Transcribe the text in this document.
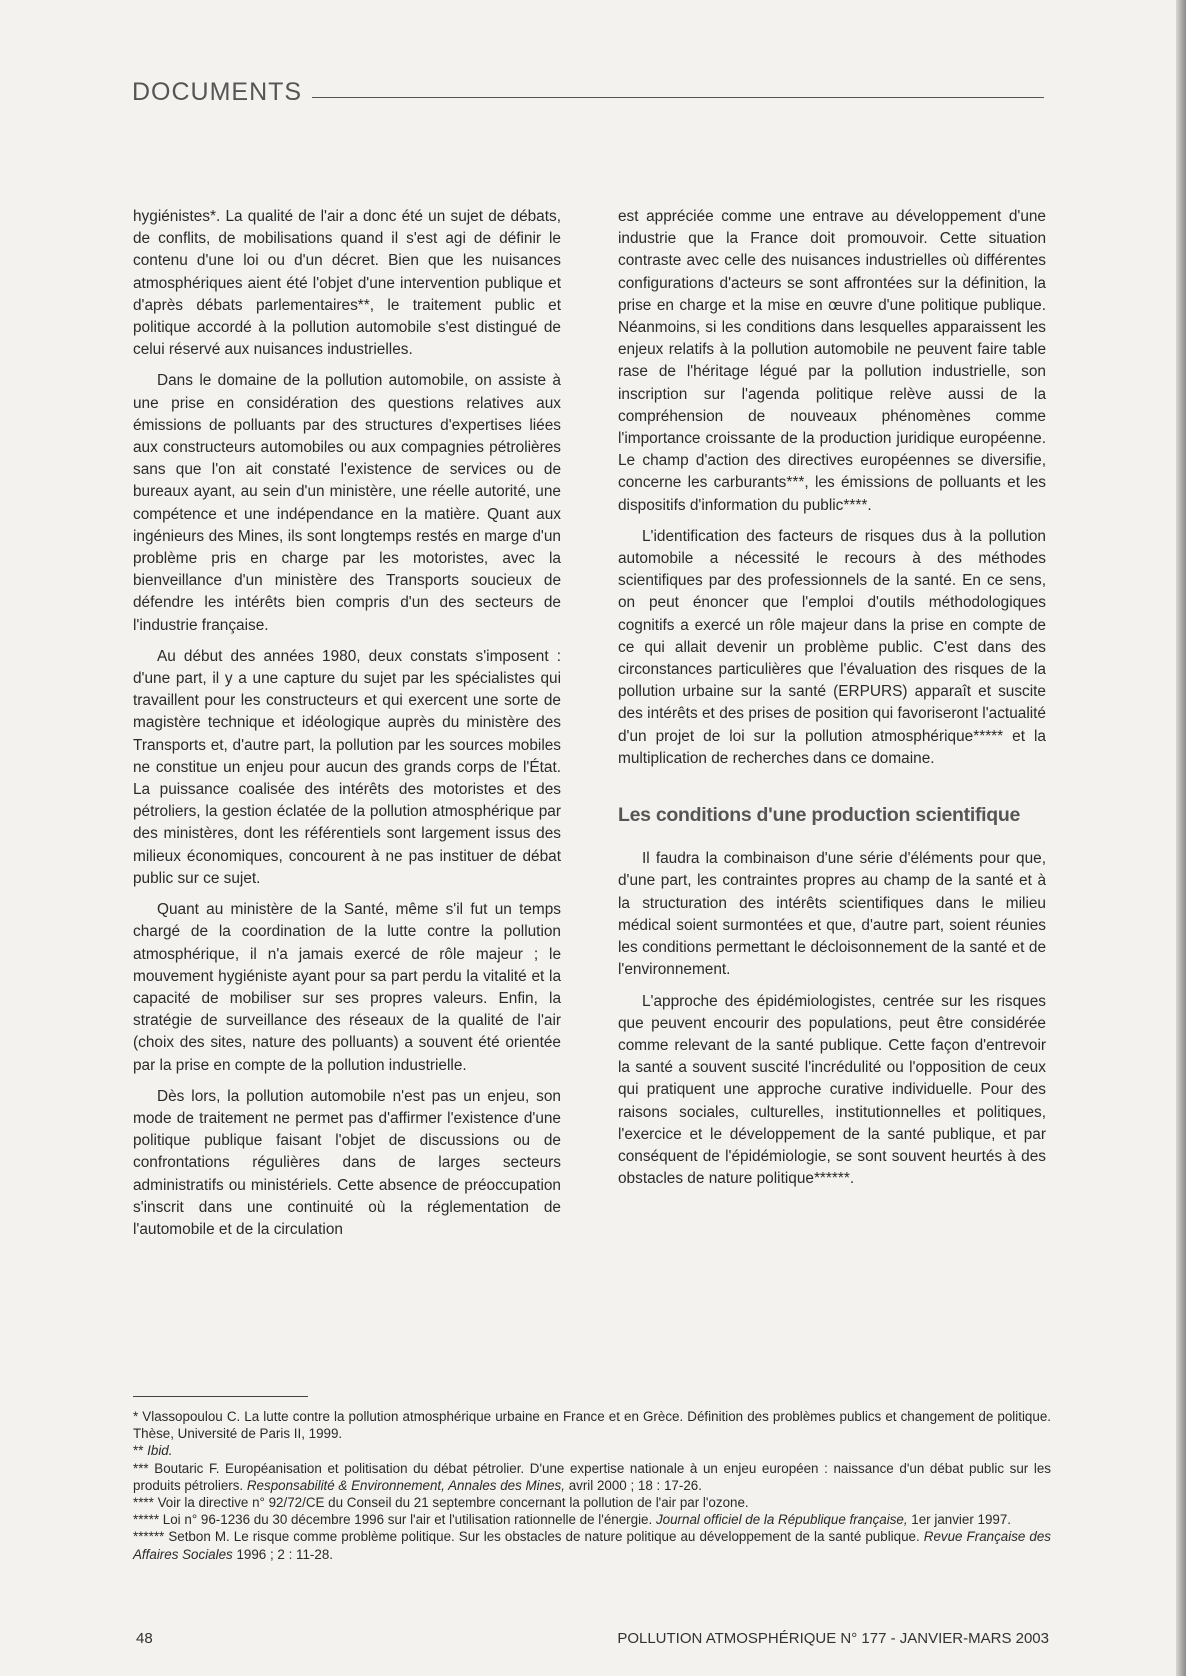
DOCUMENTS

hygiénistes*. La qualité de l'air a donc été un sujet de débats, de conflits, de mobilisations quand il s'est agi de définir le contenu d'une loi ou d'un décret. Bien que les nuisances atmosphériques aient été l'objet d'une intervention publique et d'après débats parlementaires**, le traitement public et politique accordé à la pollution automobile s'est distingué de celui réservé aux nuisances industrielles.

Dans le domaine de la pollution automobile, on assiste à une prise en considération des questions relatives aux émissions de polluants par des structures d'expertises liées aux constructeurs automobiles ou aux compagnies pétrolières sans que l'on ait constaté l'existence de services ou de bureaux ayant, au sein d'un ministère, une réelle autorité, une compétence et une indépendance en la matière. Quant aux ingénieurs des Mines, ils sont longtemps restés en marge d'un problème pris en charge par les motoristes, avec la bienveillance d'un ministère des Transports soucieux de défendre les intérêts bien compris d'un des secteurs de l'industrie française.

Au début des années 1980, deux constats s'imposent : d'une part, il y a une capture du sujet par les spécialistes qui travaillent pour les constructeurs et qui exercent une sorte de magistère technique et idéologique auprès du ministère des Transports et, d'autre part, la pollution par les sources mobiles ne constitue un enjeu pour aucun des grands corps de l'État. La puissance coalisée des intérêts des motoristes et des pétroliers, la gestion éclatée de la pollution atmosphérique par des ministères, dont les référentiels sont largement issus des milieux économiques, concourent à ne pas instituer de débat public sur ce sujet.

Quant au ministère de la Santé, même s'il fut un temps chargé de la coordination de la lutte contre la pollution atmosphérique, il n'a jamais exercé de rôle majeur ; le mouvement hygiéniste ayant pour sa part perdu la vitalité et la capacité de mobiliser sur ses propres valeurs. Enfin, la stratégie de surveillance des réseaux de la qualité de l'air (choix des sites, nature des polluants) a souvent été orientée par la prise en compte de la pollution industrielle.

Dès lors, la pollution automobile n'est pas un enjeu, son mode de traitement ne permet pas d'affirmer l'existence d'une politique publique faisant l'objet de discussions ou de confrontations régulières dans de larges secteurs administratifs ou ministériels. Cette absence de préoccupation s'inscrit dans une continuité où la réglementation de l'automobile et de la circulation

est appréciée comme une entrave au développement d'une industrie que la France doit promouvoir. Cette situation contraste avec celle des nuisances industrielles où différentes configurations d'acteurs se sont affrontées sur la définition, la prise en charge et la mise en œuvre d'une politique publique. Néanmoins, si les conditions dans lesquelles apparaissent les enjeux relatifs à la pollution automobile ne peuvent faire table rase de l'héritage légué par la pollution industrielle, son inscription sur l'agenda politique relève aussi de la compréhension de nouveaux phénomènes comme l'importance croissante de la production juridique européenne. Le champ d'action des directives européennes se diversifie, concerne les carburants***, les émissions de polluants et les dispositifs d'information du public****.

L'identification des facteurs de risques dus à la pollution automobile a nécessité le recours à des méthodes scientifiques par des professionnels de la santé. En ce sens, on peut énoncer que l'emploi d'outils méthodologiques cognitifs a exercé un rôle majeur dans la prise en compte de ce qui allait devenir un problème public. C'est dans des circonstances particulières que l'évaluation des risques de la pollution urbaine sur la santé (ERPURS) apparaît et suscite des intérêts et des prises de position qui favoriseront l'actualité d'un projet de loi sur la pollution atmosphérique***** et la multiplication de recherches dans ce domaine.

Les conditions d'une production scientifique

Il faudra la combinaison d'une série d'éléments pour que, d'une part, les contraintes propres au champ de la santé et à la structuration des intérêts scientifiques dans le milieu médical soient surmontées et que, d'autre part, soient réunies les conditions permettant le décloisonnement de la santé et de l'environnement.

L'approche des épidémiologistes, centrée sur les risques que peuvent encourir des populations, peut être considérée comme relevant de la santé publique. Cette façon d'entrevoir la santé a souvent suscité l'incrédulité ou l'opposition de ceux qui pratiquent une approche curative individuelle. Pour des raisons sociales, culturelles, institutionnelles et politiques, l'exercice et le développement de la santé publique, et par conséquent de l'épidémiologie, se sont souvent heurtés à des obstacles de nature politique******.

* Vlassopoulou C. La lutte contre la pollution atmosphérique urbaine en France et en Grèce. Définition des problèmes publics et changement de politique. Thèse, Université de Paris II, 1999.

** Ibid.

*** Boutaric F. Européanisation et politisation du débat pétrolier. D'une expertise nationale à un enjeu européen : naissance d'un débat public sur les produits pétroliers. Responsabilité & Environnement, Annales des Mines, avril 2000 ; 18 : 17-26.

**** Voir la directive n° 92/72/CE du Conseil du 21 septembre concernant la pollution de l'air par l'ozone.

***** Loi n° 96-1236 du 30 décembre 1996 sur l'air et l'utilisation rationnelle de l'énergie. Journal officiel de la République française, 1er janvier 1997.

****** Setbon M. Le risque comme problème politique. Sur les obstacles de nature politique au développement de la santé publique. Revue Française des Affaires Sociales 1996 ; 2 : 11-28.

48	POLLUTION ATMOSPHÉRIQUE N° 177 - JANVIER-MARS 2003
